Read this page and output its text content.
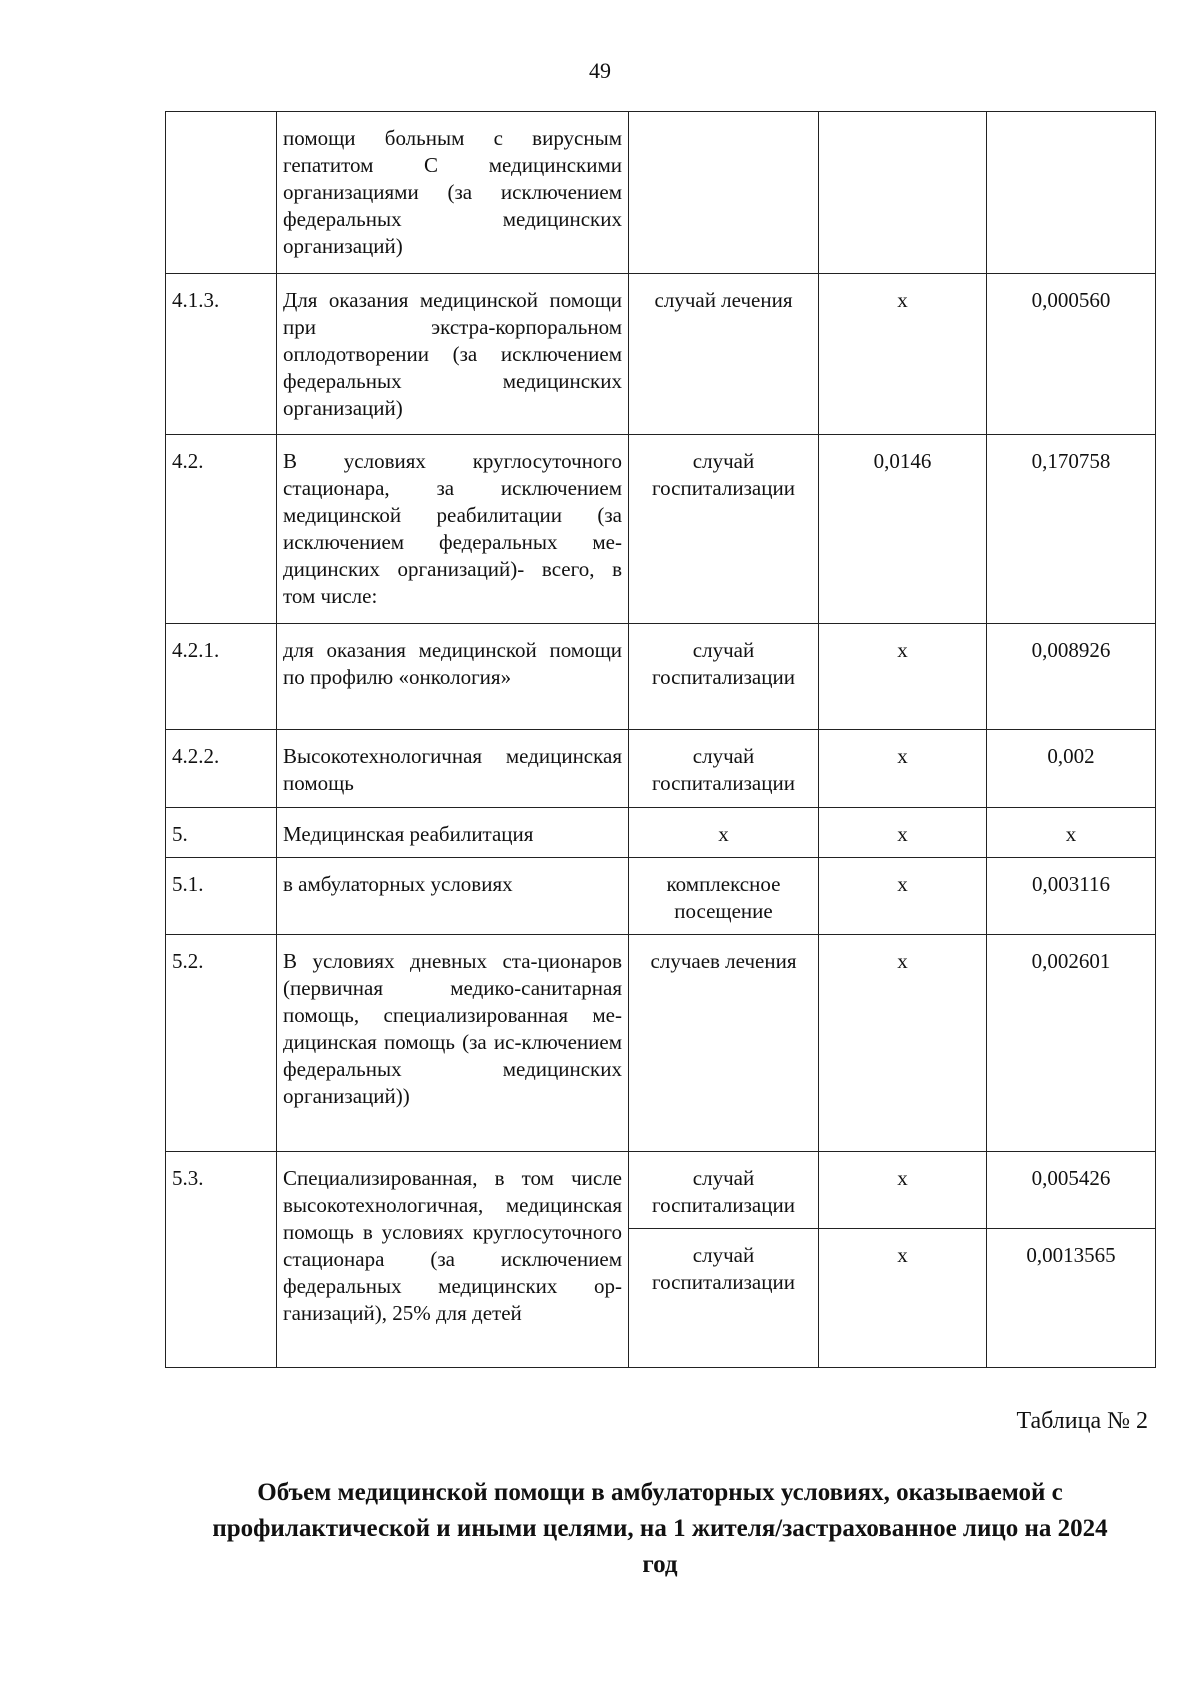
49
	помощи больным с вирусным гепатитом С медицинскими организациями (за исключением федеральных медицинских организаций)			
4.1.3.	Для оказания медицинской помощи при экстра-корпоральном оплодотворении (за исключением федеральных медицинских организаций)	случай лечения	х	0,000560
4.2.	В условиях круглосуточного стационара, за исключением медицинской реабилитации (за исключением федеральных ме-дицинских организаций)- всего, в том числе:	случай госпитализации	0,0146	0,170758
4.2.1.	для оказания медицинской помощи по профилю «онкология»	случай госпитализации	х	0,008926
4.2.2.	Высокотехнологичная медицинская помощь	случай госпитализации	х	0,002
5.	Медицинская реабилитация	х	х	х
5.1.	в амбулаторных условиях	комплексное посещение	х	0,003116
5.2.	В условиях дневных ста-ционаров (первичная медико-санитарная помощь, специализированная ме-дицинская помощь (за ис-ключением федеральных медицинских организаций))	случаев лечения	х	0,002601
5.3.	Специализированная, в том числе высокотехнологичная, медицинская помощь в условиях круглосуточного стационара (за исключением федеральных медицинских ор-ганизаций), 25% для детей	случай госпитализации	х	0,005426
		случай госпитализации	х	0,0013565
Таблица № 2
Объем медицинской помощи в амбулаторных условиях, оказываемой с профилактической и иными целями, на 1 жителя/застрахованное лицо на 2024 год
